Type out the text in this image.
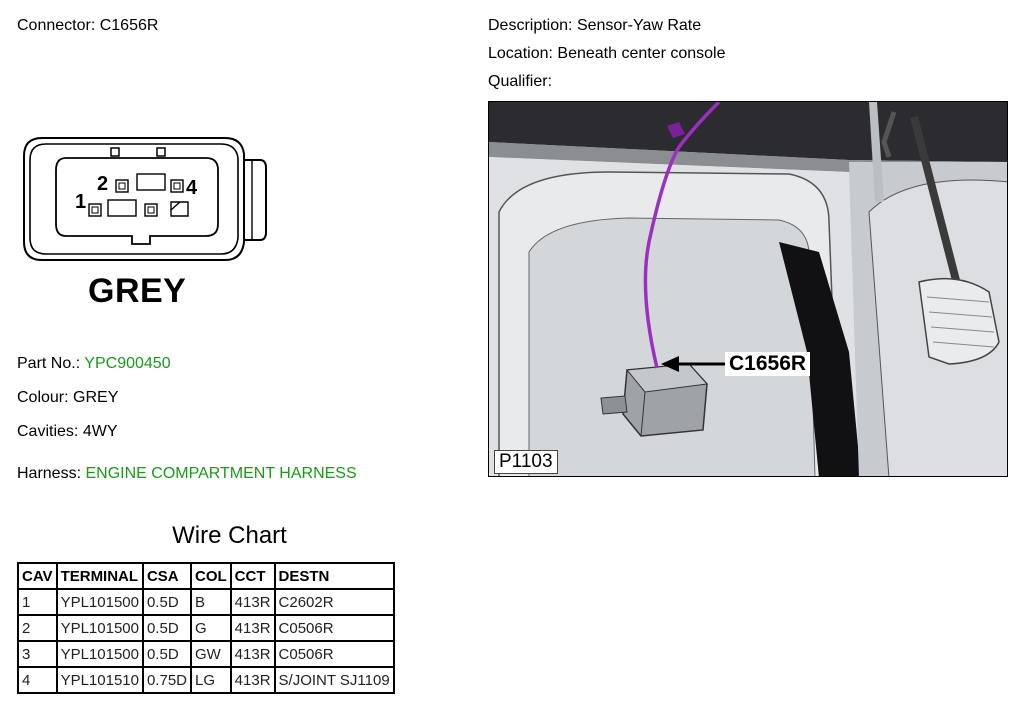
Connector: C1656R	Description: Sensor-Yaw Rate
Location: Beneath center console
Qualifier:
1
2	4
GREY
Part No.: YPC900450
Colour: GREY
Cavities: 4WY
Harness: ENGINE COMPARTMENT HARNESS
C1656R
P1103
Wire Chart
CAV	TERMINAL	CSA	COL	CCT	DESTN
1	YPL101500	0.5D	B	413R	C2602R
2	YPL101500	0.5D	G	413R	C0506R
3	YPL101500	0.5D	GW	413R	C0506R
4	YPL101510	0.75D	LG	413R	S/JOINT SJ1109
